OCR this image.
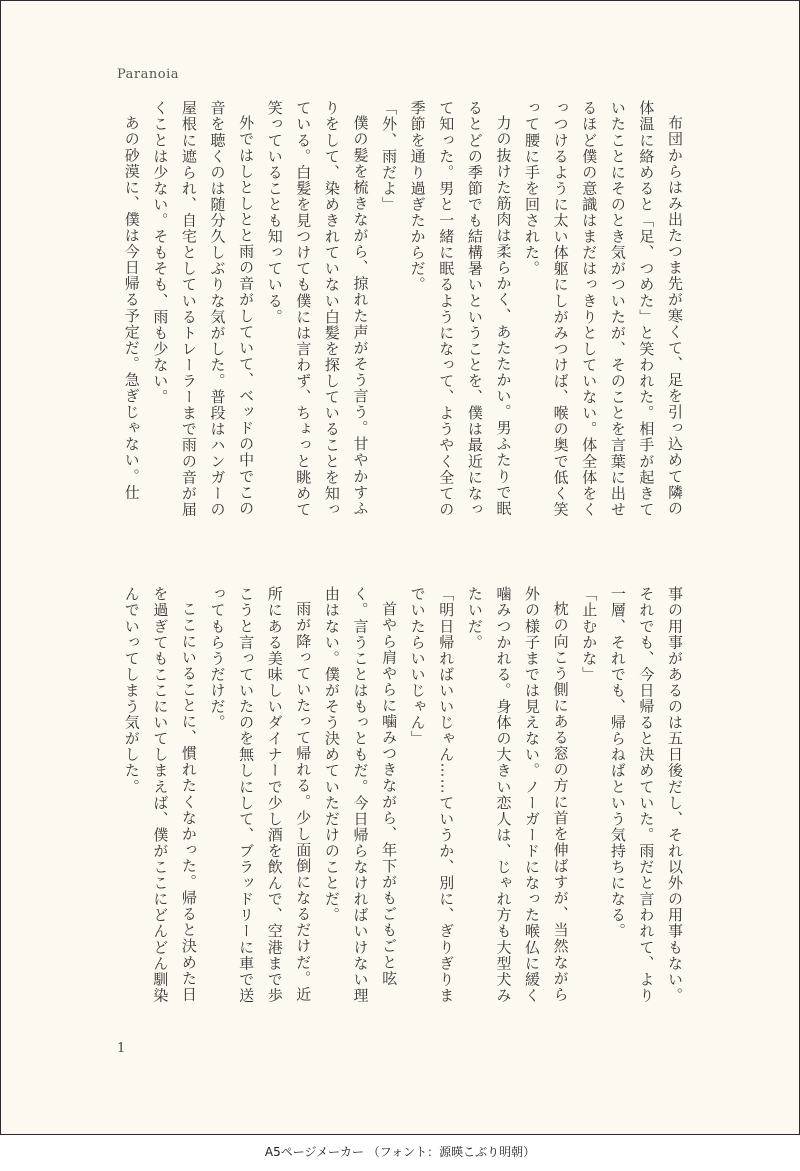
Paranoia

布団からはみ出たつま先が寒くて、足を引っ込めて隣の体温に絡めると「足、つめた」と笑われた。相手が起きていたことにそのとき気がついたが、そのことを言葉に出せるほど僕の意識はまだはっきりとしていない。体全体をくっつけるように太い体躯にしがみつけば、喉の奥で低く笑って腰に手を回された。

力の抜けた筋肉は柔らかく、あたたかい。男ふたりで眠るとどの季節でも結構暑いということを、僕は最近になって知った。男と一緒に眠るようになって、ようやく全ての季節を通り過ぎたからだ。

「外、雨だよ」

僕の髪を梳きながら、掠れた声がそう言う。甘やかすふりをして、染めきれていない白髪を探していることを知っている。白髪を見つけても僕には言わず、ちょっと眺めて笑っていることも知っている。

外ではしとしとと雨の音がしていて、ベッドの中でこの音を聴くのは随分久しぶりな気がした。普段はハンガーの屋根に遮られ、自宅としているトレーラーまで雨の音が届くことは少ない。そもそも、雨も少ない。

あの砂漠に、僕は今日帰る予定だ。急ぎじゃない。仕

事の用事があるのは五日後だし、それ以外の用事もない。それでも、今日帰ると決めていた。雨だと言われて、より一層、それでも、帰らねばという気持ちになる。

「止むかな」

枕の向こう側にある窓の方に首を伸ばすが、当然ながら外の様子までは見えない。ノーガードになった喉仏に緩く噛みつかれる。身体の大きい恋人は、じゃれ方も大型犬みたいだ。

「明日帰ればいいじゃん……ていうか、別に、ぎりぎりまでいたらいいじゃん」

首やら肩やらに噛みつきながら、年下がもごもごと呟く。言うことはもっともだ。今日帰らなければいけない理由はない。僕がそう決めていただけのことだ。

雨が降っていたって帰れる。少し面倒になるだけだ。近所にある美味しいダイナーで少し酒を飲んで、空港まで歩こうと言っていたのを無しにして、ブラッドリーに車で送ってもらうだけだ。

ここにいることに、慣れたくなかった。帰ると決めた日を過ぎてもここにいてしまえば、僕がここにどんどん馴染んでいってしまう気がした。

1

A5ページメーカー （フォント：源暎こぶり明朝）
